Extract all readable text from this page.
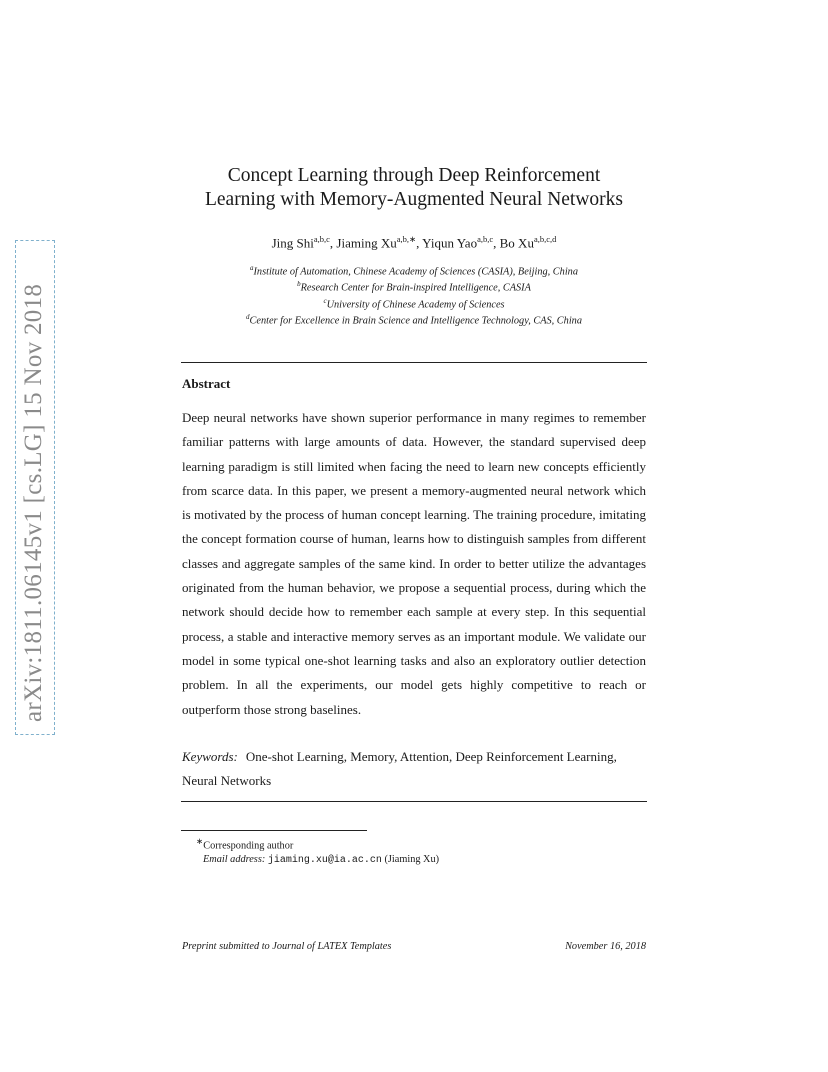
arXiv:1811.06145v1 [cs.LG] 15 Nov 2018
Concept Learning through Deep Reinforcement
Learning with Memory-Augmented Neural Networks
Jing Shi$^{a,b,c}$, Jiaming $Xu^{a,b,∗}$, Yiqun Yao$^{a,b,c}$, Bo Xu$^{a,b,c,d}$
$^a$Institute of Automation, Chinese Academy of Sciences (CASIA), Beijing, China
$^b$Research Center for Brain-inspired Intelligence, CASIA
$^c$University of Chinese Academy of Sciences
$^d$Center for Excellence in Brain Science and Intelligence Technology, CAS, China
Abstract

Deep neural networks have shown superior performance in many regimes to remember familiar patterns with large amounts of data. However, the standard supervised deep learning paradigm is still limited when facing the need to learn new concepts efficiently from scarce data. In this paper, we present a memory-augmented neural network which is motivated by the process of human concept learning. The training procedure, imitating the concept formation course of human, learns how to distinguish samples from different classes and aggregate samples of the same kind. In order to better utilize the advantages originated from the human behavior, we propose a sequential process, during which the network should decide how to remember each sample at every step. In this sequential process, a stable and interactive memory serves as an important module. We validate our model in some typical one-shot learning tasks and also an exploratory outlier detection problem. In all the experiments, our model gets highly competitive to reach or outperform those strong baselines.

Keywords: One-shot Learning, Memory, Attention, Deep Reinforcement Learning, Neural Networks
∗Corresponding author
Email address: jiaming.xu@ia.ac.cn (Jiaming Xu)
Preprint submitted to Journal of LATEX Templates	November 16, 2018
